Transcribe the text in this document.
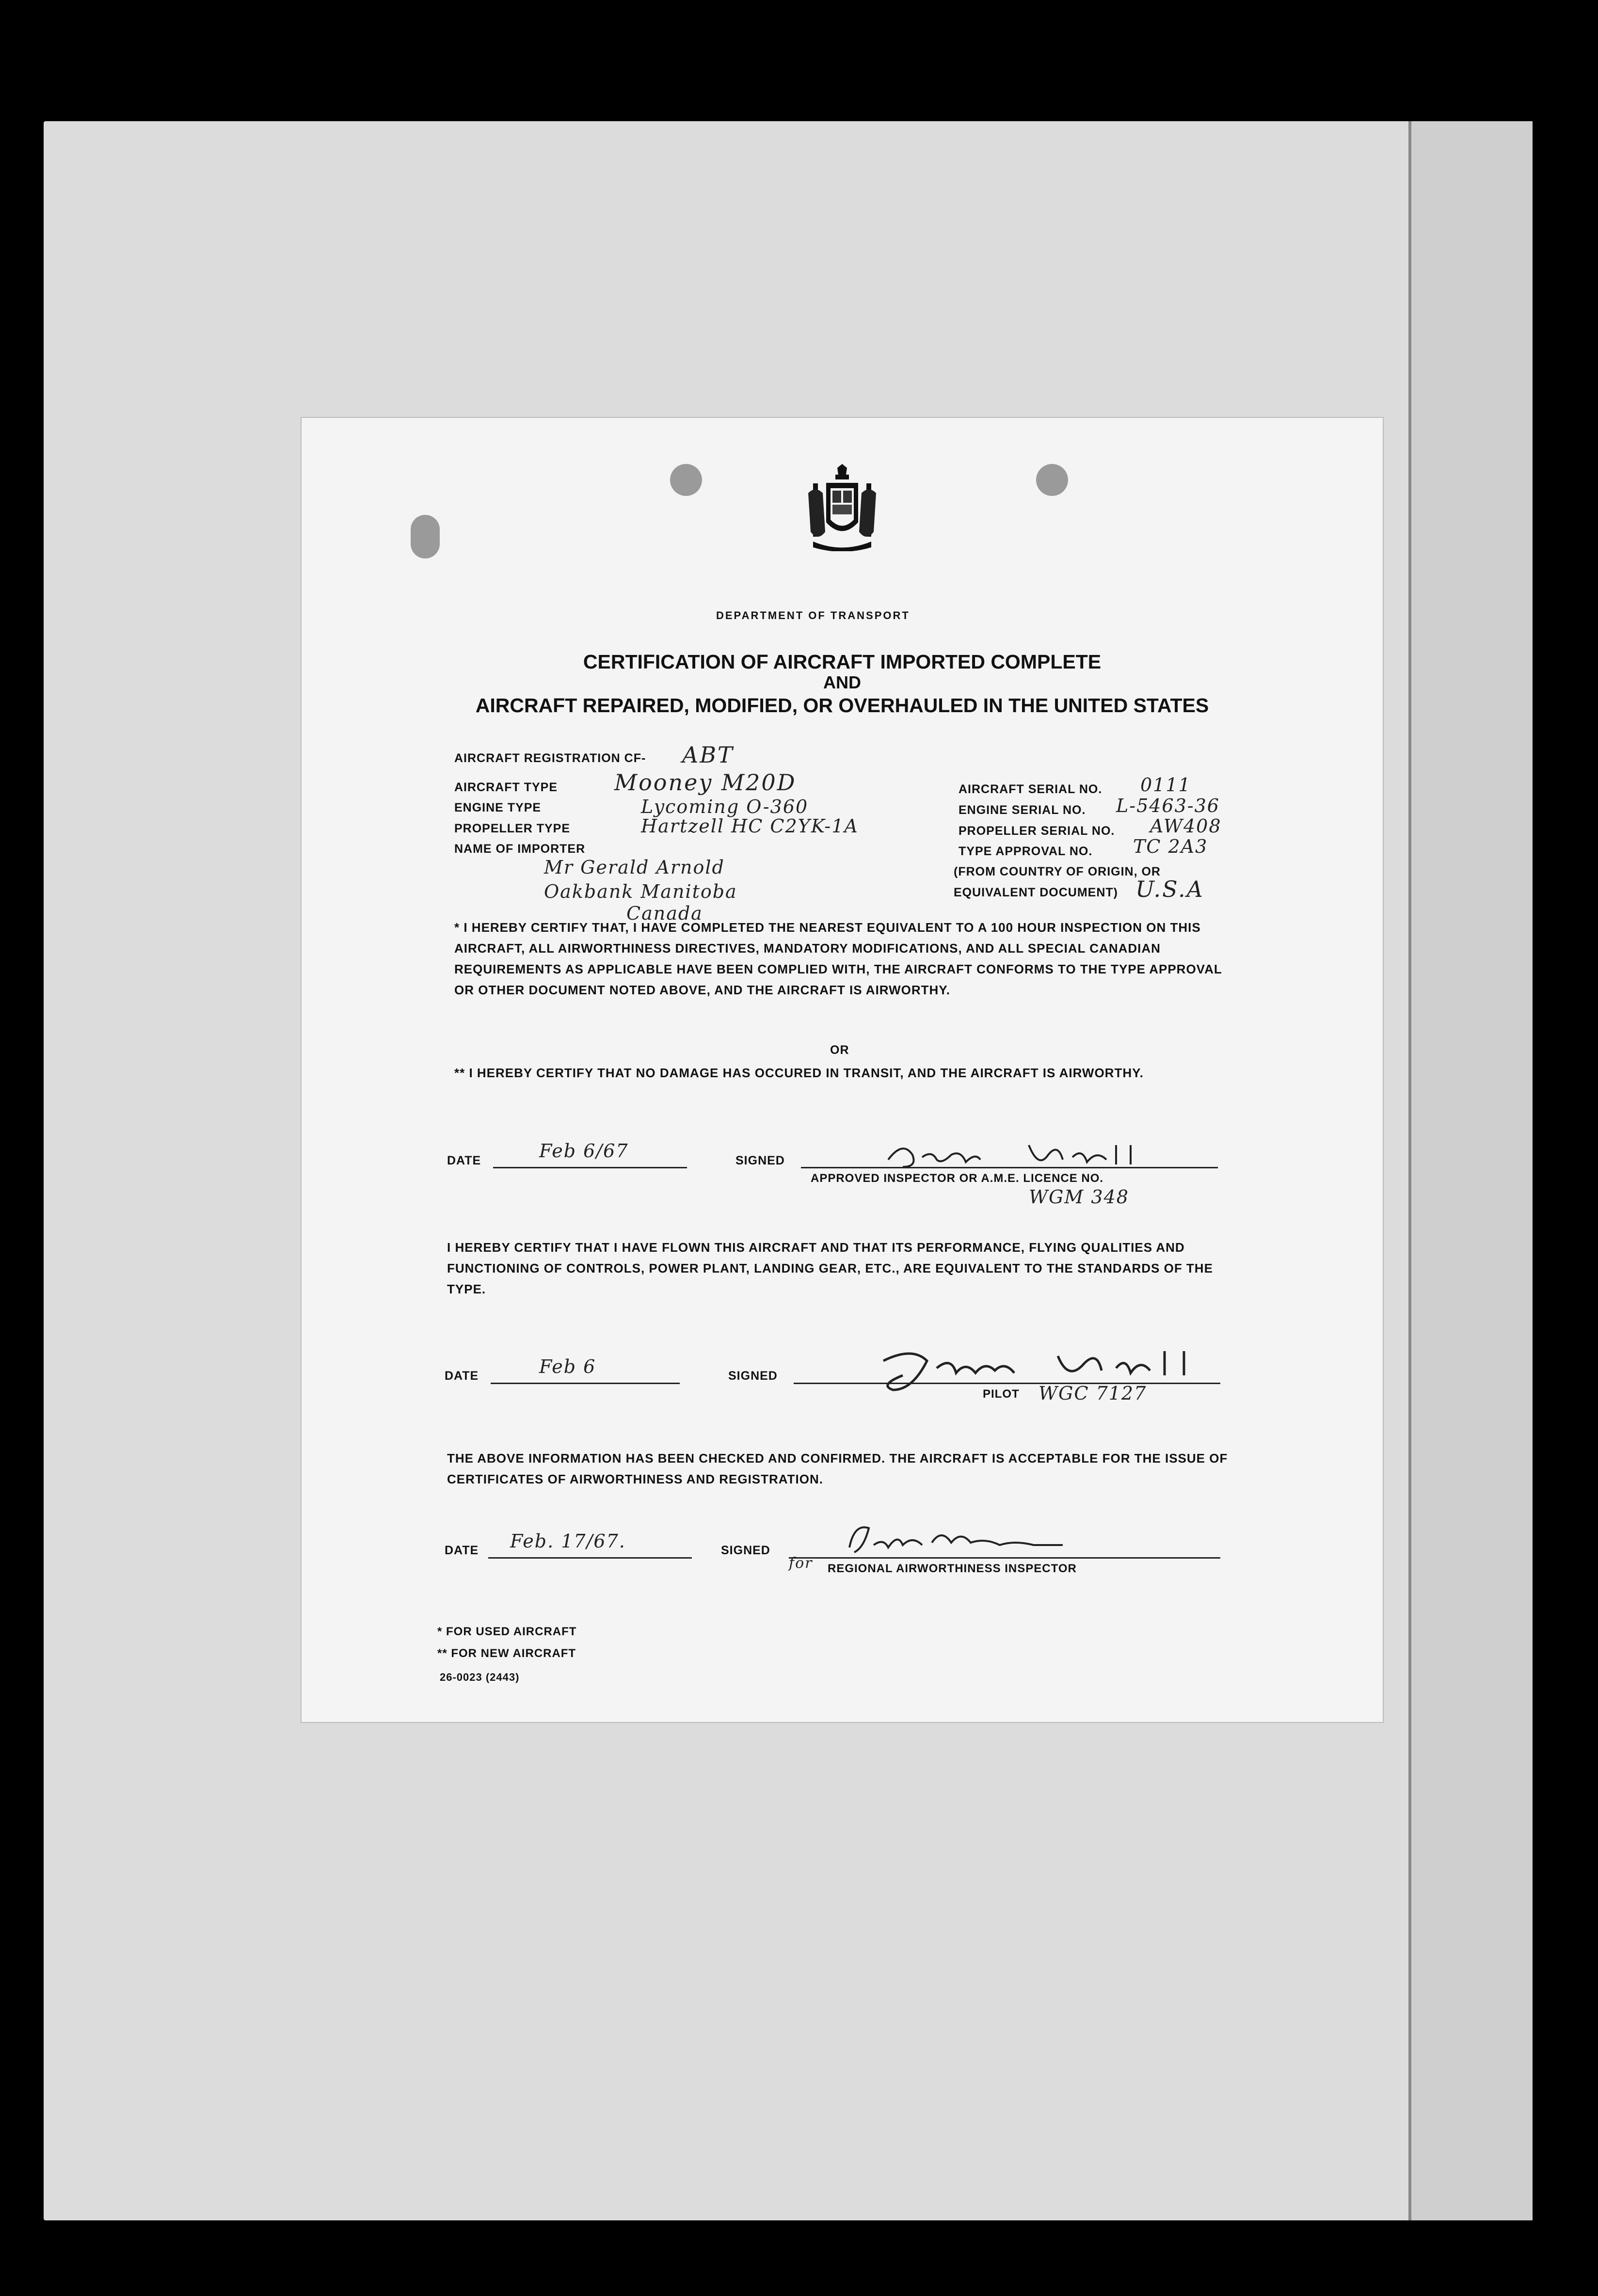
DEPARTMENT OF TRANSPORT
CERTIFICATION OF AIRCRAFT IMPORTED COMPLETE
AND
AIRCRAFT REPAIRED, MODIFIED, OR OVERHAULED IN THE UNITED STATES
AIRCRAFT REGISTRATION CF- ABT
AIRCRAFT TYPE	Mooney M20D
ENGINE TYPE	Lycoming O-360
PROPELLER TYPE	Hartzell HC C2YK-1A
NAME OF IMPORTER
Mr Gerald Arnold
Oakbank Manitoba
Canada
AIRCRAFT SERIAL NO. 0111
ENGINE SERIAL NO. L-5463-36
PROPELLER SERIAL NO. AW408
TYPE APPROVAL NO. TC 2A3
(FROM COUNTRY OF ORIGIN, OR
EQUIVALENT DOCUMENT) U.S.A
* I HEREBY CERTIFY THAT, I HAVE COMPLETED THE NEAREST EQUIVALENT TO A 100 HOUR INSPECTION ON THIS AIRCRAFT, ALL AIRWORTHINESS DIRECTIVES, MANDATORY MODIFICATIONS, AND ALL SPECIAL CANADIAN REQUIREMENTS AS APPLICABLE HAVE BEEN COMPLIED WITH, THE AIRCRAFT CONFORMS TO THE TYPE APPROVAL OR OTHER DOCUMENT NOTED ABOVE, AND THE AIRCRAFT IS AIRWORTHY.
OR
** I HEREBY CERTIFY THAT NO DAMAGE HAS OCCURED IN TRANSIT, AND THE AIRCRAFT IS AIRWORTHY.
DATE	Feb 6/67	SIGNED
APPROVED INSPECTOR OR A.M.E. LICENCE NO.
WGM 348
I HEREBY CERTIFY THAT I HAVE FLOWN THIS AIRCRAFT AND THAT ITS PERFORMANCE, FLYING QUALITIES AND FUNCTIONING OF CONTROLS, POWER PLANT, LANDING GEAR, ETC., ARE EQUIVALENT TO THE STANDARDS OF THE TYPE.
DATE	Feb 6	SIGNED
PILOT WGC 7127
THE ABOVE INFORMATION HAS BEEN CHECKED AND CONFIRMED. THE AIRCRAFT IS ACCEPTABLE FOR THE ISSUE OF CERTIFICATES OF AIRWORTHINESS AND REGISTRATION.
DATE Feb. 17/67.	SIGNED
for REGIONAL AIRWORTHINESS INSPECTOR
* FOR USED AIRCRAFT
** FOR NEW AIRCRAFT
26-0023 (2443)
